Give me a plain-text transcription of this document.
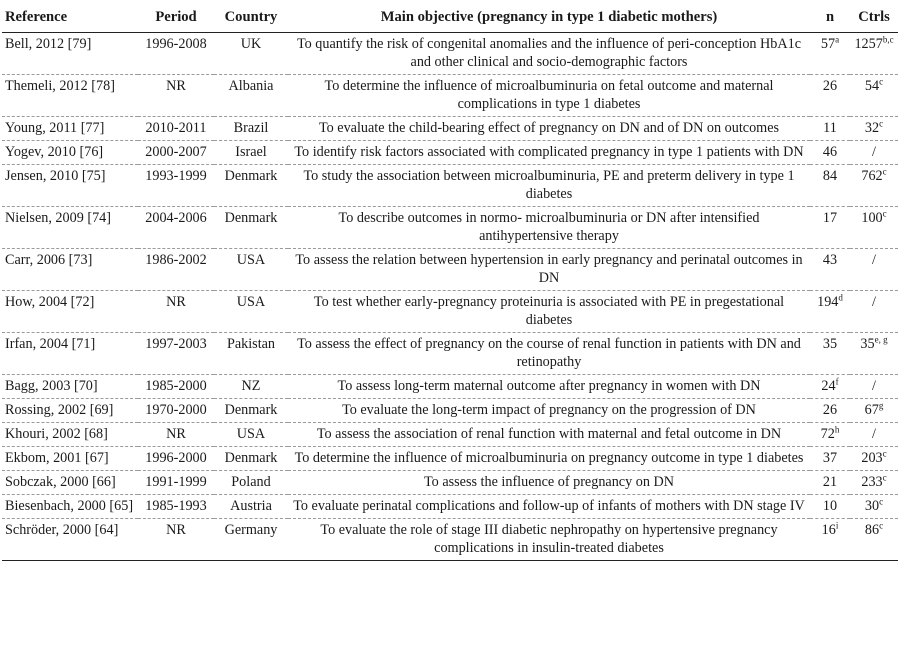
Reference	Period	Country	Main objective (pregnancy in type 1 diabetic mothers)	n	Ctrls
Bell, 2012 [79]	1996-2008	UK	To quantify the risk of congenital anomalies and the influence of peri-conception HbA1c and other clinical and socio-demographic factors	57$^a$	1257$^{b,c}$
Themeli, 2012 [78]	NR	Albania	To determine the influence of microalbuminuria on fetal outcome and maternal complications in type 1 diabetes	26	54$^c$
Young, 2011 [77]	2010-2011	Brazil	To evaluate the child-bearing effect of pregnancy on DN and of DN on outcomes	11	32$^c$
Yogev, 2010 [76]	2000-2007	Israel	To identify risk factors associated with complicated pregnancy in type 1 patients with DN	46	/
Jensen, 2010 [75]	1993-1999	Denmark	To study the association between microalbuminuria, PE and preterm delivery in type 1 diabetes	84	762$^c$
Nielsen, 2009 [74]	2004-2006	Denmark	To describe outcomes in normo- microalbuminuria or DN after intensified antihypertensive therapy	17	100$^c$
Carr, 2006 [73]	1986-2002	USA	To assess the relation between hypertension in early pregnancy and perinatal outcomes in DN	43	/
How, 2004 [72]	NR	USA	To test whether early-pregnancy proteinuria is associated with PE in pregestational diabetes	194$^d$	/
Irfan, 2004 [71]	1997-2003	Pakistan	To assess the effect of pregnancy on the course of renal function in patients with DN and retinopathy	35	35$^{e, g}$
Bagg, 2003 [70]	1985-2000	NZ	To assess long-term maternal outcome after pregnancy in women with DN	24$^f$	/
Rossing, 2002 [69]	1970-2000	Denmark	To evaluate the long-term impact of pregnancy on the progression of DN	26	67$^g$
Khouri, 2002 [68]	NR	USA	To assess the association of renal function with maternal and fetal outcome in DN	72$^h$	/
Ekbom, 2001 [67]	1996-2000	Denmark	To determine the influence of microalbuminuria on pregnancy outcome in type 1 diabetes	37	203$^c$
Sobczak, 2000 [66]	1991-1999	Poland	To assess the influence of pregnancy on DN	21	233$^c$
Biesenbach, 2000 [65]	1985-1993	Austria	To evaluate perinatal complications and follow-up of infants of mothers with DN stage IV	10	30$^c$
Schröder, 2000 [64]	NR	Germany	To evaluate the role of stage III diabetic nephropathy on hypertensive pregnancy complications in insulin-treated diabetes	16$^i$	86$^c$
